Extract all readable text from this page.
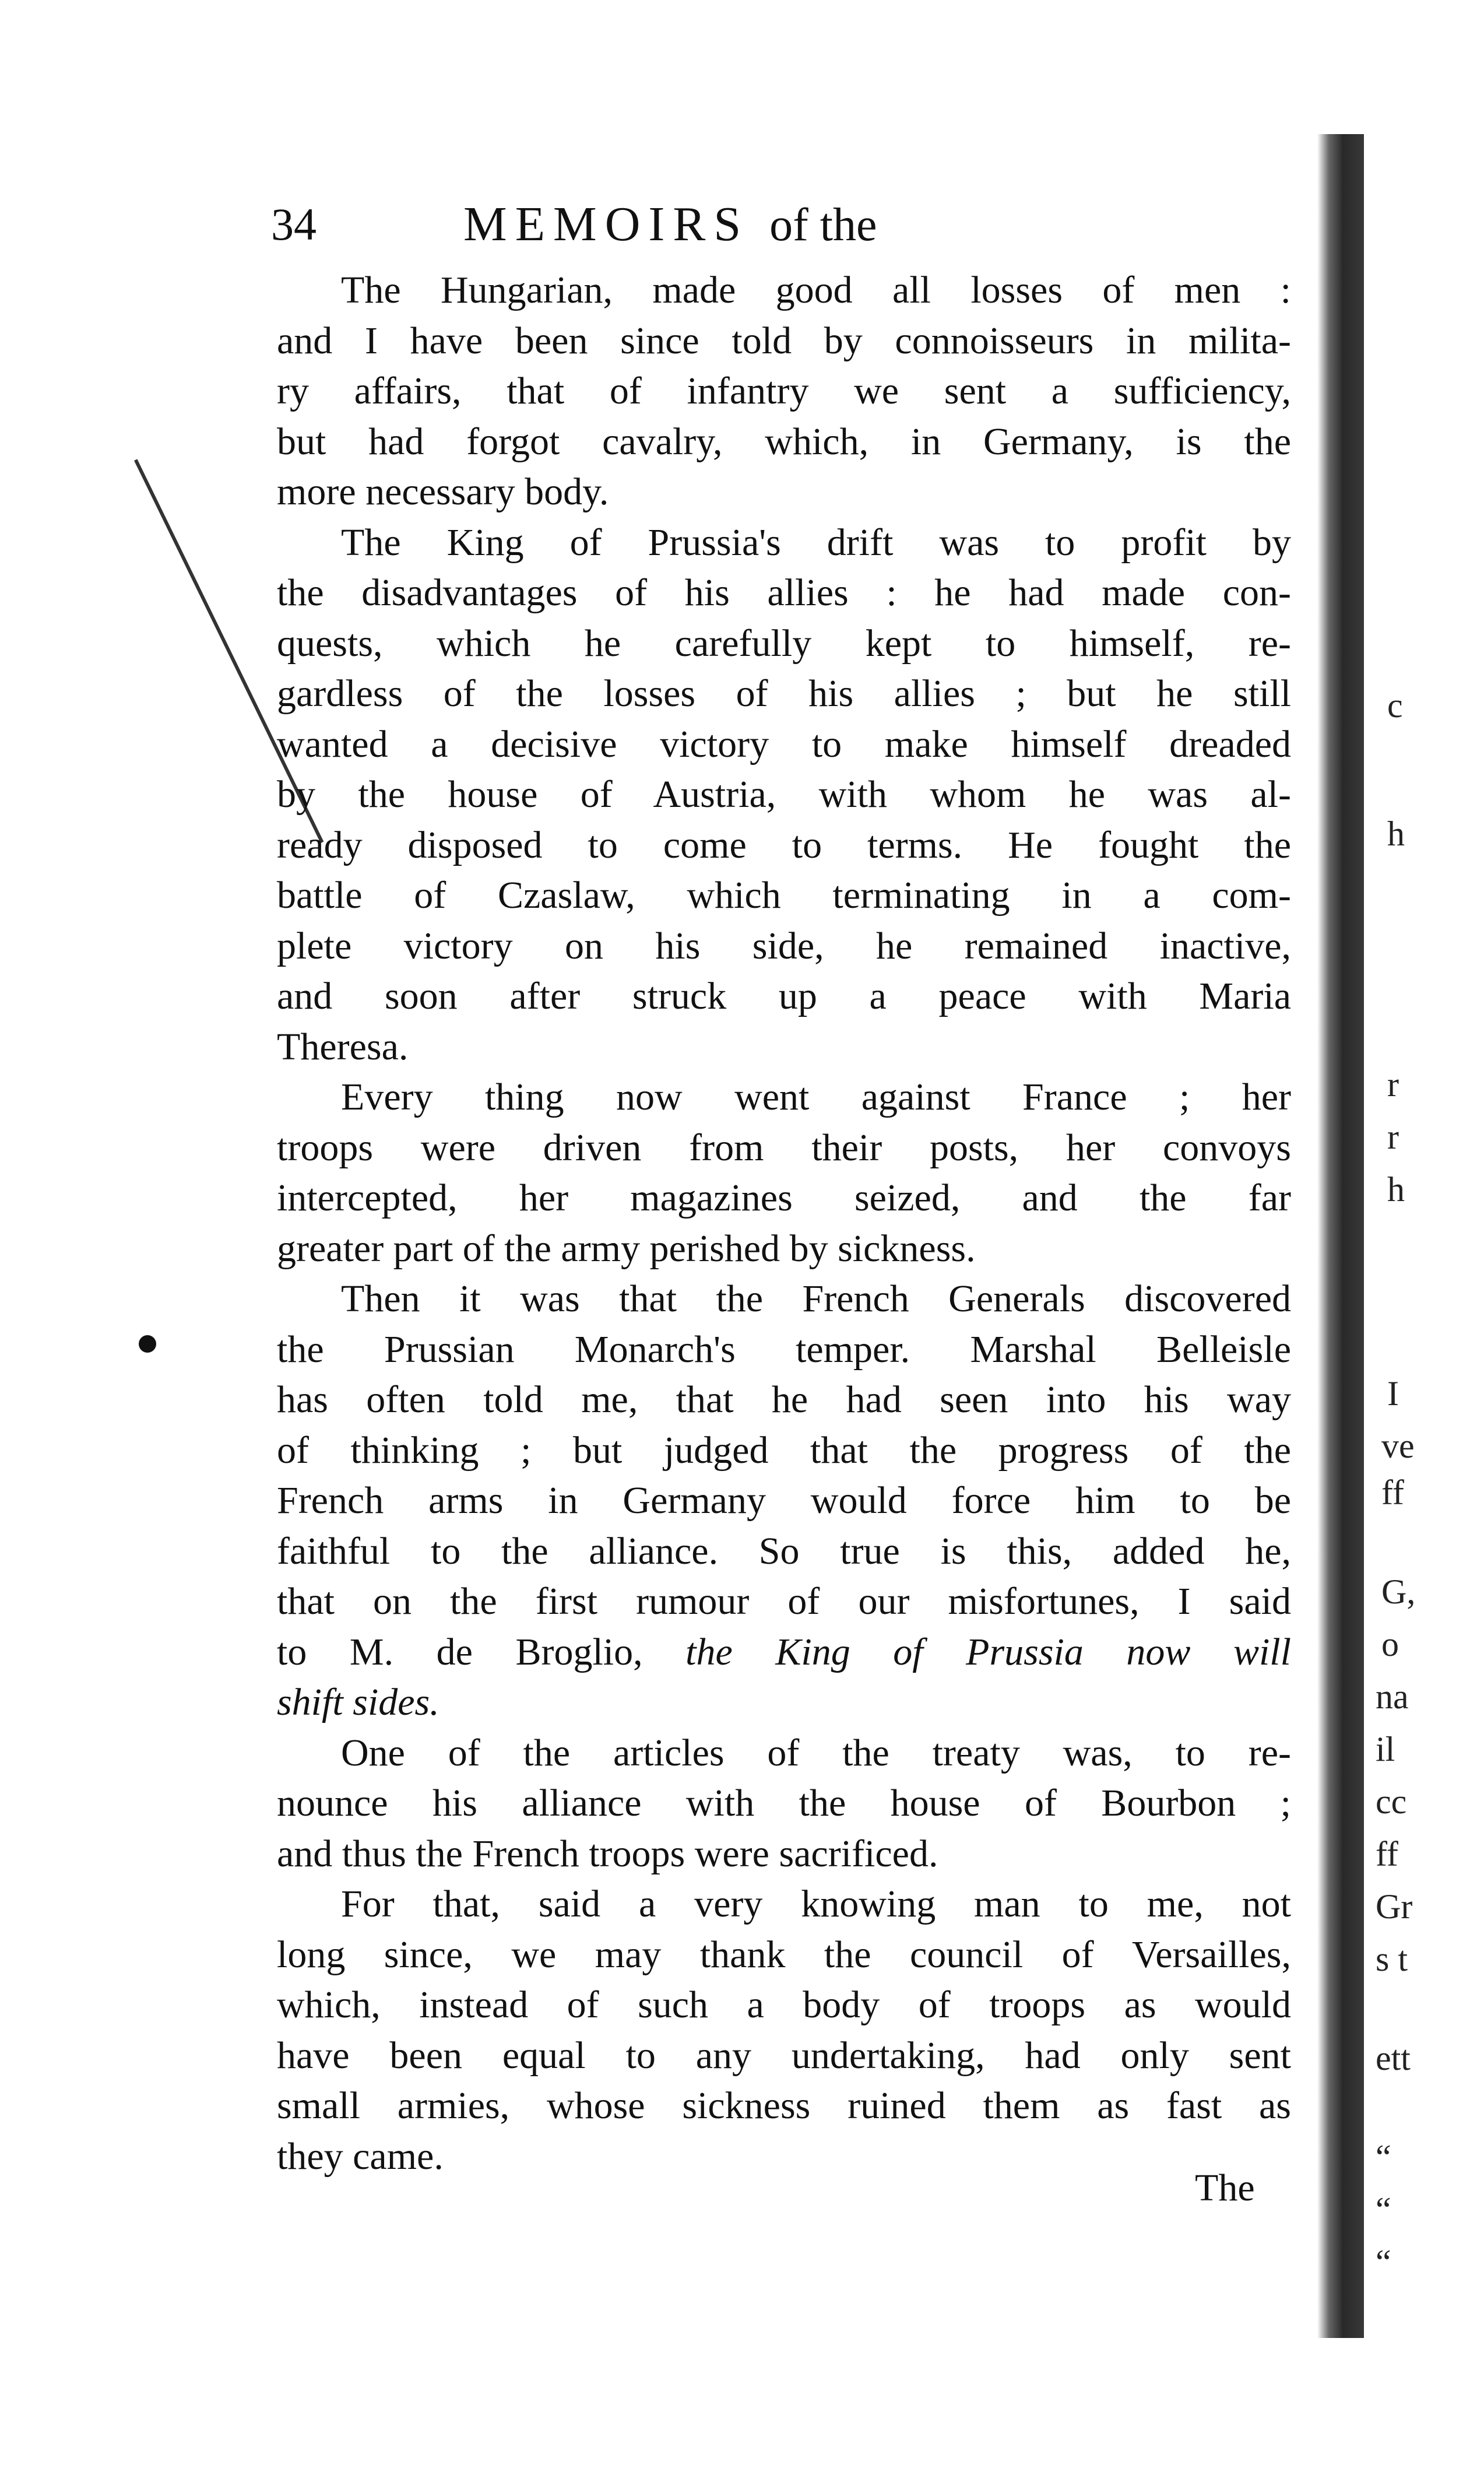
34	MEMOIRS of the
The Hungarian, made good all losses of men :
and I have been since told by connoisseurs in milita-
ry affairs, that of infantry we sent a sufficiency,
but had forgot cavalry, which, in Germany, is the
more necessary body.
The King of Prussia's drift was to profit by
the disadvantages of his allies : he had made con-
quests, which he carefully kept to himself, re-
gardless of the losses of his allies ; but he still
wanted a decisive victory to make himself dreaded
by the house of Austria, with whom he was al-
ready disposed to come to terms. He fought the
battle of Czaslaw, which terminating in a com-
plete victory on his side, he remained inactive,
and soon after struck up a peace with Maria
Theresa.
Every thing now went against France ; her
troops were driven from their posts, her convoys
intercepted, her magazines seized, and the far
greater part of the army perished by sickness.
Then it was that the French Generals discovered
the Prussian Monarch's temper. Marshal Belleisle
has often told me, that he had seen into his way
of thinking ; but judged that the progress of the
French arms in Germany would force him to be
faithful to the alliance. So true is this, added he,
that on the first rumour of our misfortunes, I said
to M. de Broglio, the King of Prussia now will
shift sides.
One of the articles of the treaty was, to re-
nounce his alliance with the house of Bourbon ;
and thus the French troops were sacrificed.
For that, said a very knowing man to me, not
long since, we may thank the council of Versailles,
which, instead of such a body of troops as would
have been equal to any undertaking, had only sent
small armies, whose sickness ruined them as fast as
they came.
The
c
h
r
r
h
I
ve
ff
G,
o
na
il
cc
ff
Gr
s t
ett
“
“
“
